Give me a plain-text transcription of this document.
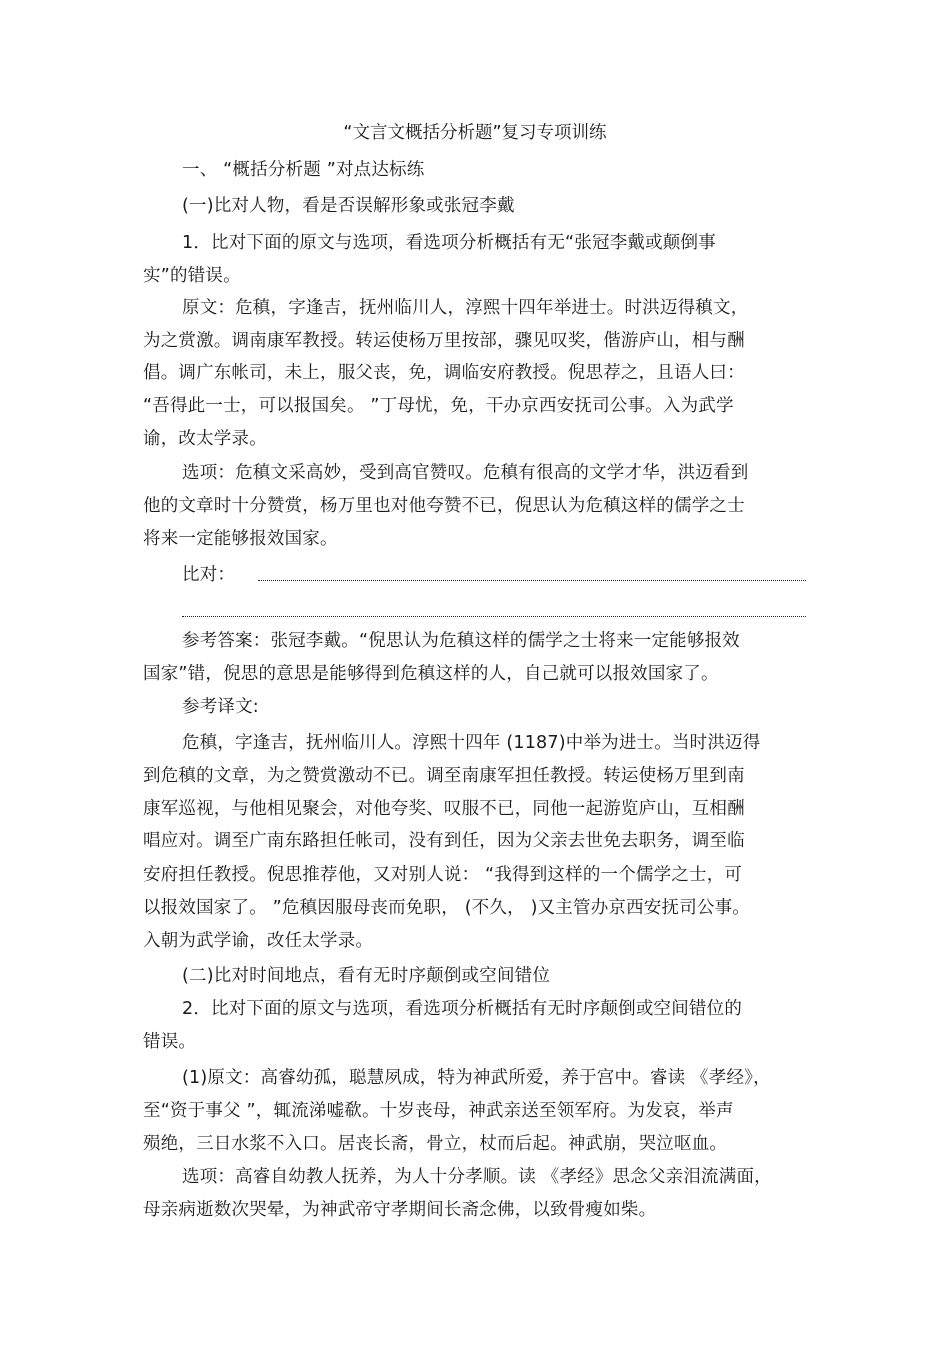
“文言文概括分析题”复习专项训练
一、 “概括分析题 ”对点达标练
(一)比对人物，看是否误解形象或张冠李戴
1．比对下面的原文与选项，看选项分析概括有无“张冠李戴或颠倒事
实”的错误。
原文：危稹，字逢吉，抚州临川人，淳熙十四年举进士。时洪迈得稹文，
为之赏激。调南康军教授。转运使杨万里按部，骤见叹奖，偕游庐山，相与酬
倡。调广东帐司，未上，服父丧，免，调临安府教授。倪思荐之，且语人曰：
“吾得此一士，可以报国矣。 ”丁母忧，免，干办京西安抚司公事。入为武学
谕，改太学录。
选项：危稹文采高妙，受到高官赞叹。危稹有很高的文学才华，洪迈看到
他的文章时十分赞赏，杨万里也对他夸赞不已，倪思认为危稹这样的儒学之士
将来一定能够报效国家。
比对：
参考答案：张冠李戴。“倪思认为危稹这样的儒学之士将来一定能够报效
国家”错，倪思的意思是能够得到危稹这样的人，自己就可以报效国家了。
参考译文:
危稹，字逢吉，抚州临川人。淳熙十四年 (1187)中举为进士。当时洪迈得
到危稹的文章，为之赞赏激动不已。调至南康军担任教授。转运使杨万里到南
康军巡视，与他相见聚会，对他夸奖、叹服不已，同他一起游览庐山，互相酬
唱应对。调至广南东路担任帐司，没有到任，因为父亲去世免去职务，调至临
安府担任教授。倪思推荐他，又对别人说： “我得到这样的一个儒学之士，可
以报效国家了。 ”危稹因服母丧而免职， (不久， )又主管办京西安抚司公事。
入朝为武学谕，改任太学录。
(二)比对时间地点，看有无时序颠倒或空间错位
2．比对下面的原文与选项，看选项分析概括有无时序颠倒或空间错位的
错误。
(1)原文：高睿幼孤，聪慧夙成，特为神武所爱，养于宫中。睿读 《孝经》，
至“资于事父 ”，辄流涕嘘欷。十岁丧母，神武亲送至领军府。为发哀，举声
殒绝，三日水浆不入口。居丧长斋，骨立，杖而后起。神武崩，哭泣呕血。
选项：高睿自幼教人抚养，为人十分孝顺。读 《孝经》思念父亲泪流满面，
母亲病逝数次哭晕，为神武帝守孝期间长斋念佛，以致骨瘦如柴。
